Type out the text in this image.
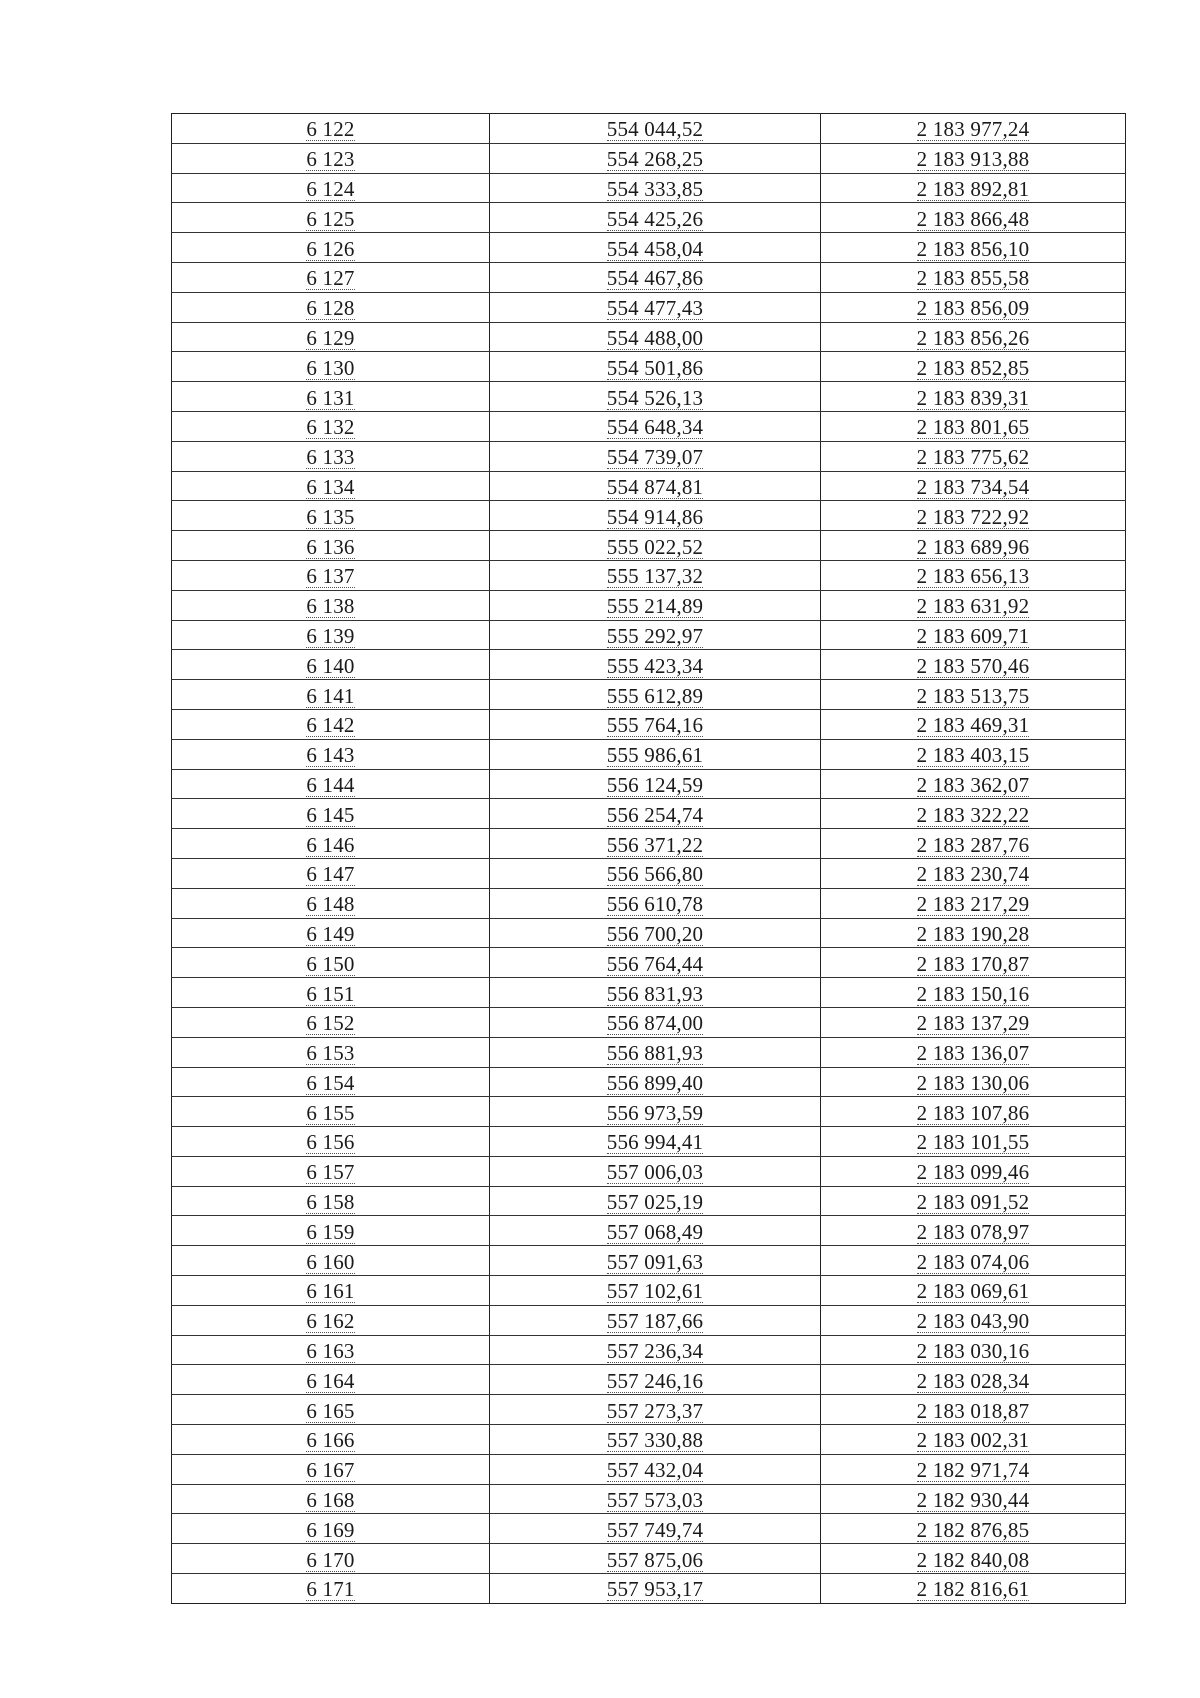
6 122	554 044,52	2 183 977,24
6 123	554 268,25	2 183 913,88
6 124	554 333,85	2 183 892,81
6 125	554 425,26	2 183 866,48
6 126	554 458,04	2 183 856,10
6 127	554 467,86	2 183 855,58
6 128	554 477,43	2 183 856,09
6 129	554 488,00	2 183 856,26
6 130	554 501,86	2 183 852,85
6 131	554 526,13	2 183 839,31
6 132	554 648,34	2 183 801,65
6 133	554 739,07	2 183 775,62
6 134	554 874,81	2 183 734,54
6 135	554 914,86	2 183 722,92
6 136	555 022,52	2 183 689,96
6 137	555 137,32	2 183 656,13
6 138	555 214,89	2 183 631,92
6 139	555 292,97	2 183 609,71
6 140	555 423,34	2 183 570,46
6 141	555 612,89	2 183 513,75
6 142	555 764,16	2 183 469,31
6 143	555 986,61	2 183 403,15
6 144	556 124,59	2 183 362,07
6 145	556 254,74	2 183 322,22
6 146	556 371,22	2 183 287,76
6 147	556 566,80	2 183 230,74
6 148	556 610,78	2 183 217,29
6 149	556 700,20	2 183 190,28
6 150	556 764,44	2 183 170,87
6 151	556 831,93	2 183 150,16
6 152	556 874,00	2 183 137,29
6 153	556 881,93	2 183 136,07
6 154	556 899,40	2 183 130,06
6 155	556 973,59	2 183 107,86
6 156	556 994,41	2 183 101,55
6 157	557 006,03	2 183 099,46
6 158	557 025,19	2 183 091,52
6 159	557 068,49	2 183 078,97
6 160	557 091,63	2 183 074,06
6 161	557 102,61	2 183 069,61
6 162	557 187,66	2 183 043,90
6 163	557 236,34	2 183 030,16
6 164	557 246,16	2 183 028,34
6 165	557 273,37	2 183 018,87
6 166	557 330,88	2 183 002,31
6 167	557 432,04	2 182 971,74
6 168	557 573,03	2 182 930,44
6 169	557 749,74	2 182 876,85
6 170	557 875,06	2 182 840,08
6 171	557 953,17	2 182 816,61
